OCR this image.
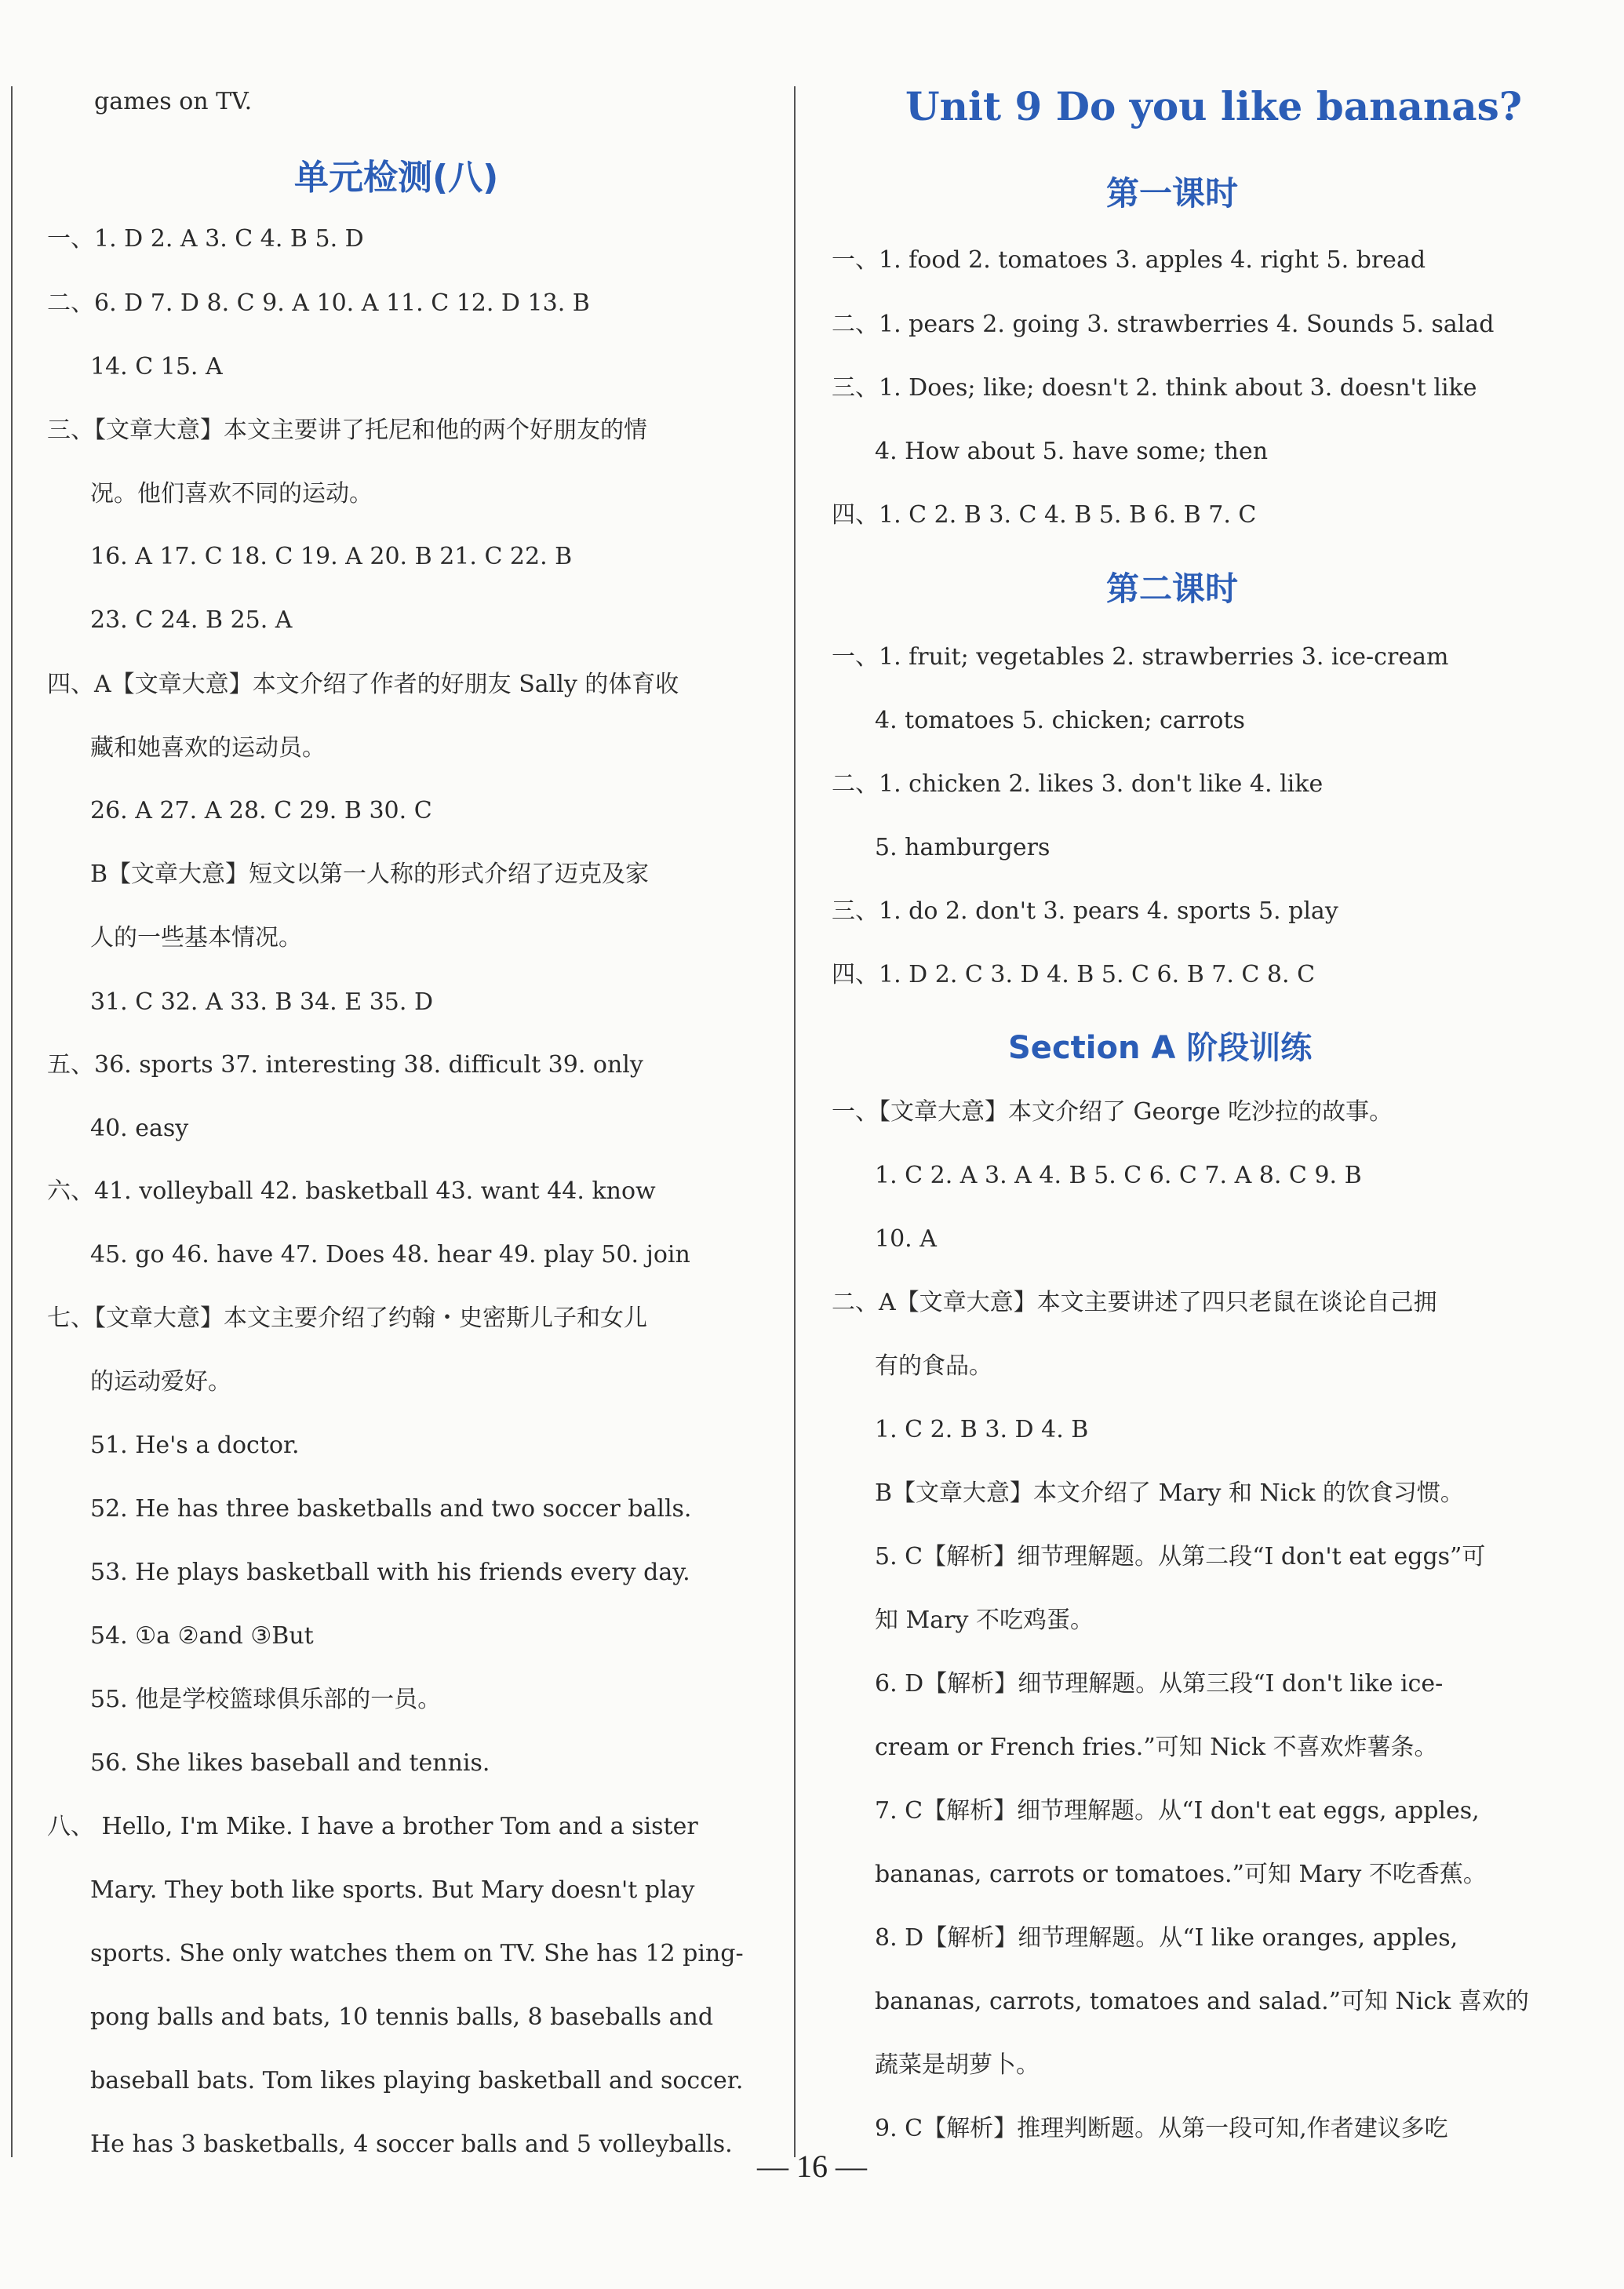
games on TV.
单元检测(八)
一、1. D 2. A 3. C 4. B 5. D
二、6. D 7. D 8. C 9. A 10. A 11. C 12. D 13. B
14. C 15. A
三、【文章大意】本文主要讲了托尼和他的两个好朋友的情
况。他们喜欢不同的运动。
16. A 17. C 18. C 19. A 20. B 21. C 22. B
23. C 24. B 25. A
四、A【文章大意】本文介绍了作者的好朋友 Sally 的体育收
藏和她喜欢的运动员。
26. A 27. A 28. C 29. B 30. C
B【文章大意】短文以第一人称的形式介绍了迈克及家
人的一些基本情况。
31. C 32. A 33. B 34. E 35. D
五、36. sports 37. interesting 38. difficult 39. only
40. easy
六、41. volleyball 42. basketball 43. want 44. know
45. go 46. have 47. Does 48. hear 49. play 50. join
七、【文章大意】本文主要介绍了约翰・史密斯儿子和女儿
的运动爱好。
51. He's a doctor.
52. He has three basketballs and two soccer balls.
53. He plays basketball with his friends every day.
54. ①a ②and ③But
55. 他是学校篮球俱乐部的一员。
56. She likes baseball and tennis.
八、 Hello, I'm Mike. I have a brother Tom and a sister
Mary. They both like sports. But Mary doesn't play
sports. She only watches them on TV. She has 12 ping-
pong balls and bats, 10 tennis balls, 8 baseballs and
baseball bats. Tom likes playing basketball and soccer.
He has 3 basketballs, 4 soccer balls and 5 volleyballs.
Unit 9 Do you like bananas?
第一课时
一、1. food 2. tomatoes 3. apples 4. right 5. bread
二、1. pears 2. going 3. strawberries 4. Sounds 5. salad
三、1. Does; like; doesn't 2. think about 3. doesn't like
4. How about 5. have some; then
四、1. C 2. B 3. C 4. B 5. B 6. B 7. C
第二课时
一、1. fruit; vegetables 2. strawberries 3. ice-cream
4. tomatoes 5. chicken; carrots
二、1. chicken 2. likes 3. don't like 4. like
5. hamburgers
三、1. do 2. don't 3. pears 4. sports 5. play
四、1. D 2. C 3. D 4. B 5. C 6. B 7. C 8. C
Section A 阶段训练
一、【文章大意】本文介绍了 George 吃沙拉的故事。
1. C 2. A 3. A 4. B 5. C 6. C 7. A 8. C 9. B
10. A
二、A【文章大意】本文主要讲述了四只老鼠在谈论自己拥
有的食品。
1. C 2. B 3. D 4. B
B【文章大意】本文介绍了 Mary 和 Nick 的饮食习惯。
5. C【解析】细节理解题。从第二段“I don't eat eggs”可
知 Mary 不吃鸡蛋。
6. D【解析】细节理解题。从第三段“I don't like ice-
cream or French fries.”可知 Nick 不喜欢炸薯条。
7. C【解析】细节理解题。从“I don't eat eggs, apples,
bananas, carrots or tomatoes.”可知 Mary 不吃香蕉。
8. D【解析】细节理解题。从“I like oranges, apples,
bananas, carrots, tomatoes and salad.”可知 Nick 喜欢的
蔬菜是胡萝卜。
9. C【解析】推理判断题。从第一段可知,作者建议多吃
— 16 —
